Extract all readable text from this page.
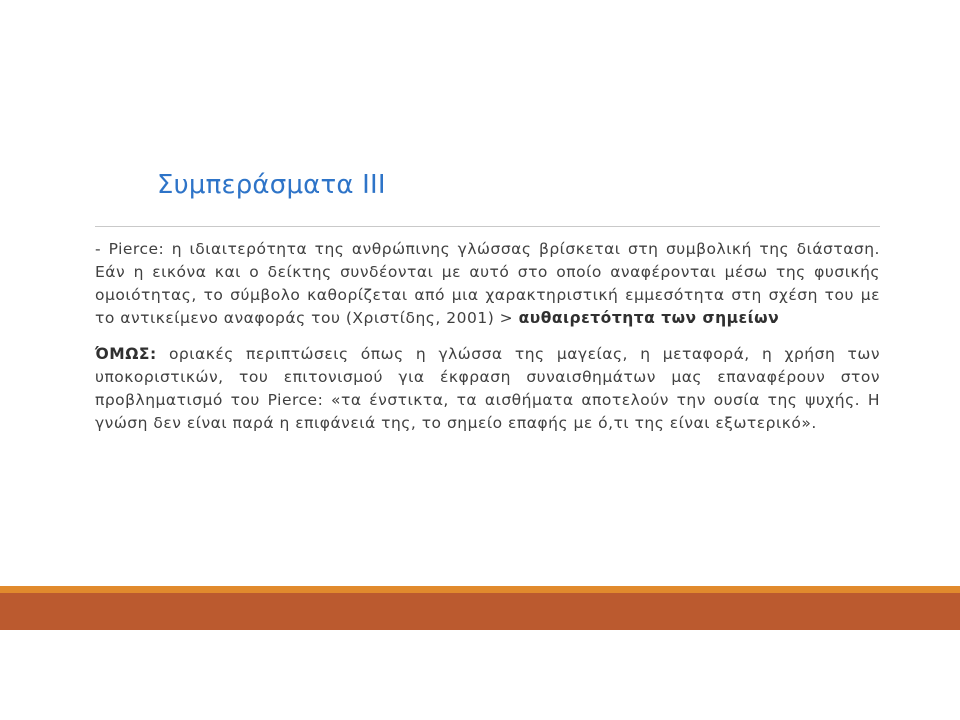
Συμπεράσματα ΙΙΙ

- Pierce: η ιδιαιτερότητα της ανθρώπινης γλώσσας βρίσκεται στη συμβολική της διάσταση. Εάν η εικόνα και ο δείκτης συνδέονται με αυτό στο οποίο αναφέρονται μέσω της φυσικής ομοιότητας, το σύμβολο καθορίζεται από μια χαρακτηριστική εμμεσότητα στη σχέση του με το αντικείμενο αναφοράς του (Χριστίδης, 2001) > αυθαιρετότητα των σημείων

ΌΜΩΣ: οριακές περιπτώσεις όπως η γλώσσα της μαγείας, η μεταφορά, η χρήση των υποκοριστικών, του επιτονισμού για έκφραση συναισθημάτων μας επαναφέρουν στον προβληματισμό του Pierce: «τα ένστικτα, τα αισθήματα αποτελούν την ουσία της ψυχής. Η γνώση δεν είναι παρά η επιφάνειά της, το σημείο επαφής με ό,τι της είναι εξωτερικό».
